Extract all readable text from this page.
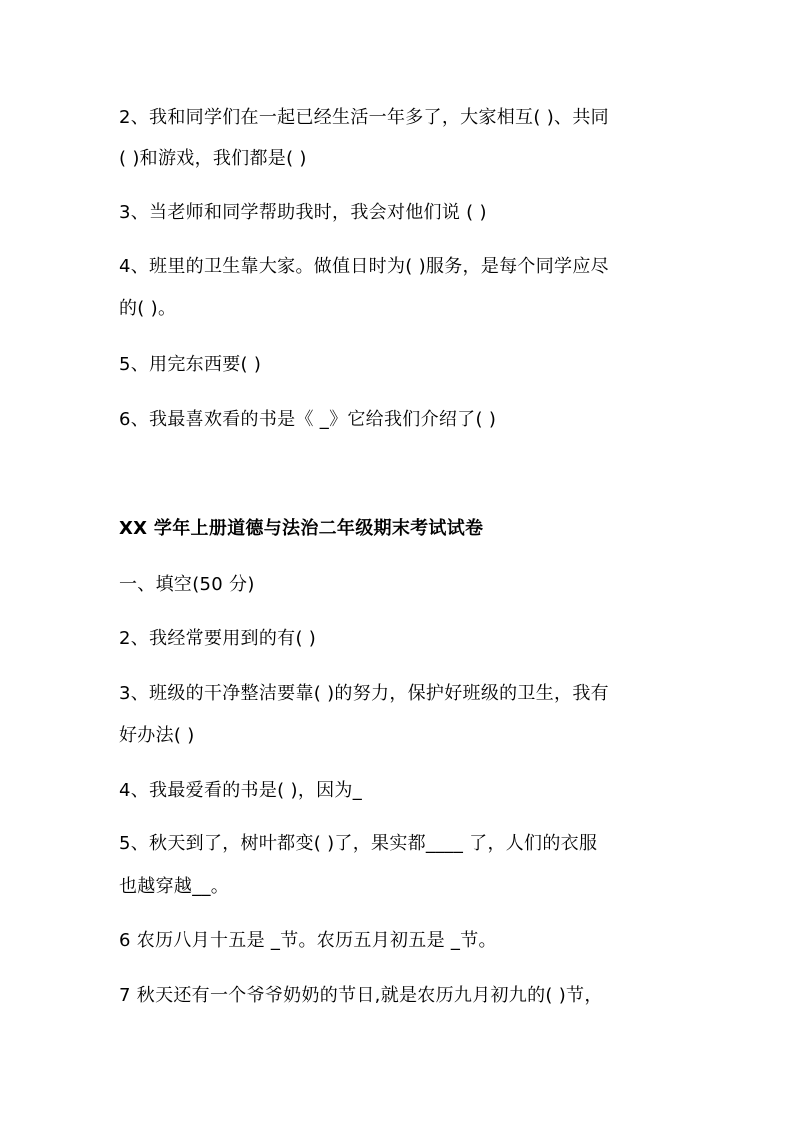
2、我和同学们在一起已经生活一年多了，大家相互( )、共同
( )和游戏，我们都是( )
3、当老师和同学帮助我时，我会对他们说 ( )
4、班里的卫生靠大家。做值日时为( )服务，是每个同学应尽
的( )。
5、用完东西要( )
6、我最喜欢看的书是《 _》它给我们介绍了( )
XX 学年上册道德与法治二年级期末考试试卷
一、填空(50 分)
2、我经常要用到的有( )
3、班级的干净整洁要靠( )的努力，保护好班级的卫生，我有
好办法( )
4、我最爱看的书是( )，因为_
5、秋天到了，树叶都变( )了，果实都____ 了，人们的衣服
也越穿越__。
6 农历八月十五是 _节。农历五月初五是 _节。
7 秋天还有一个爷爷奶奶的节日,就是农历九月初九的( )节，
